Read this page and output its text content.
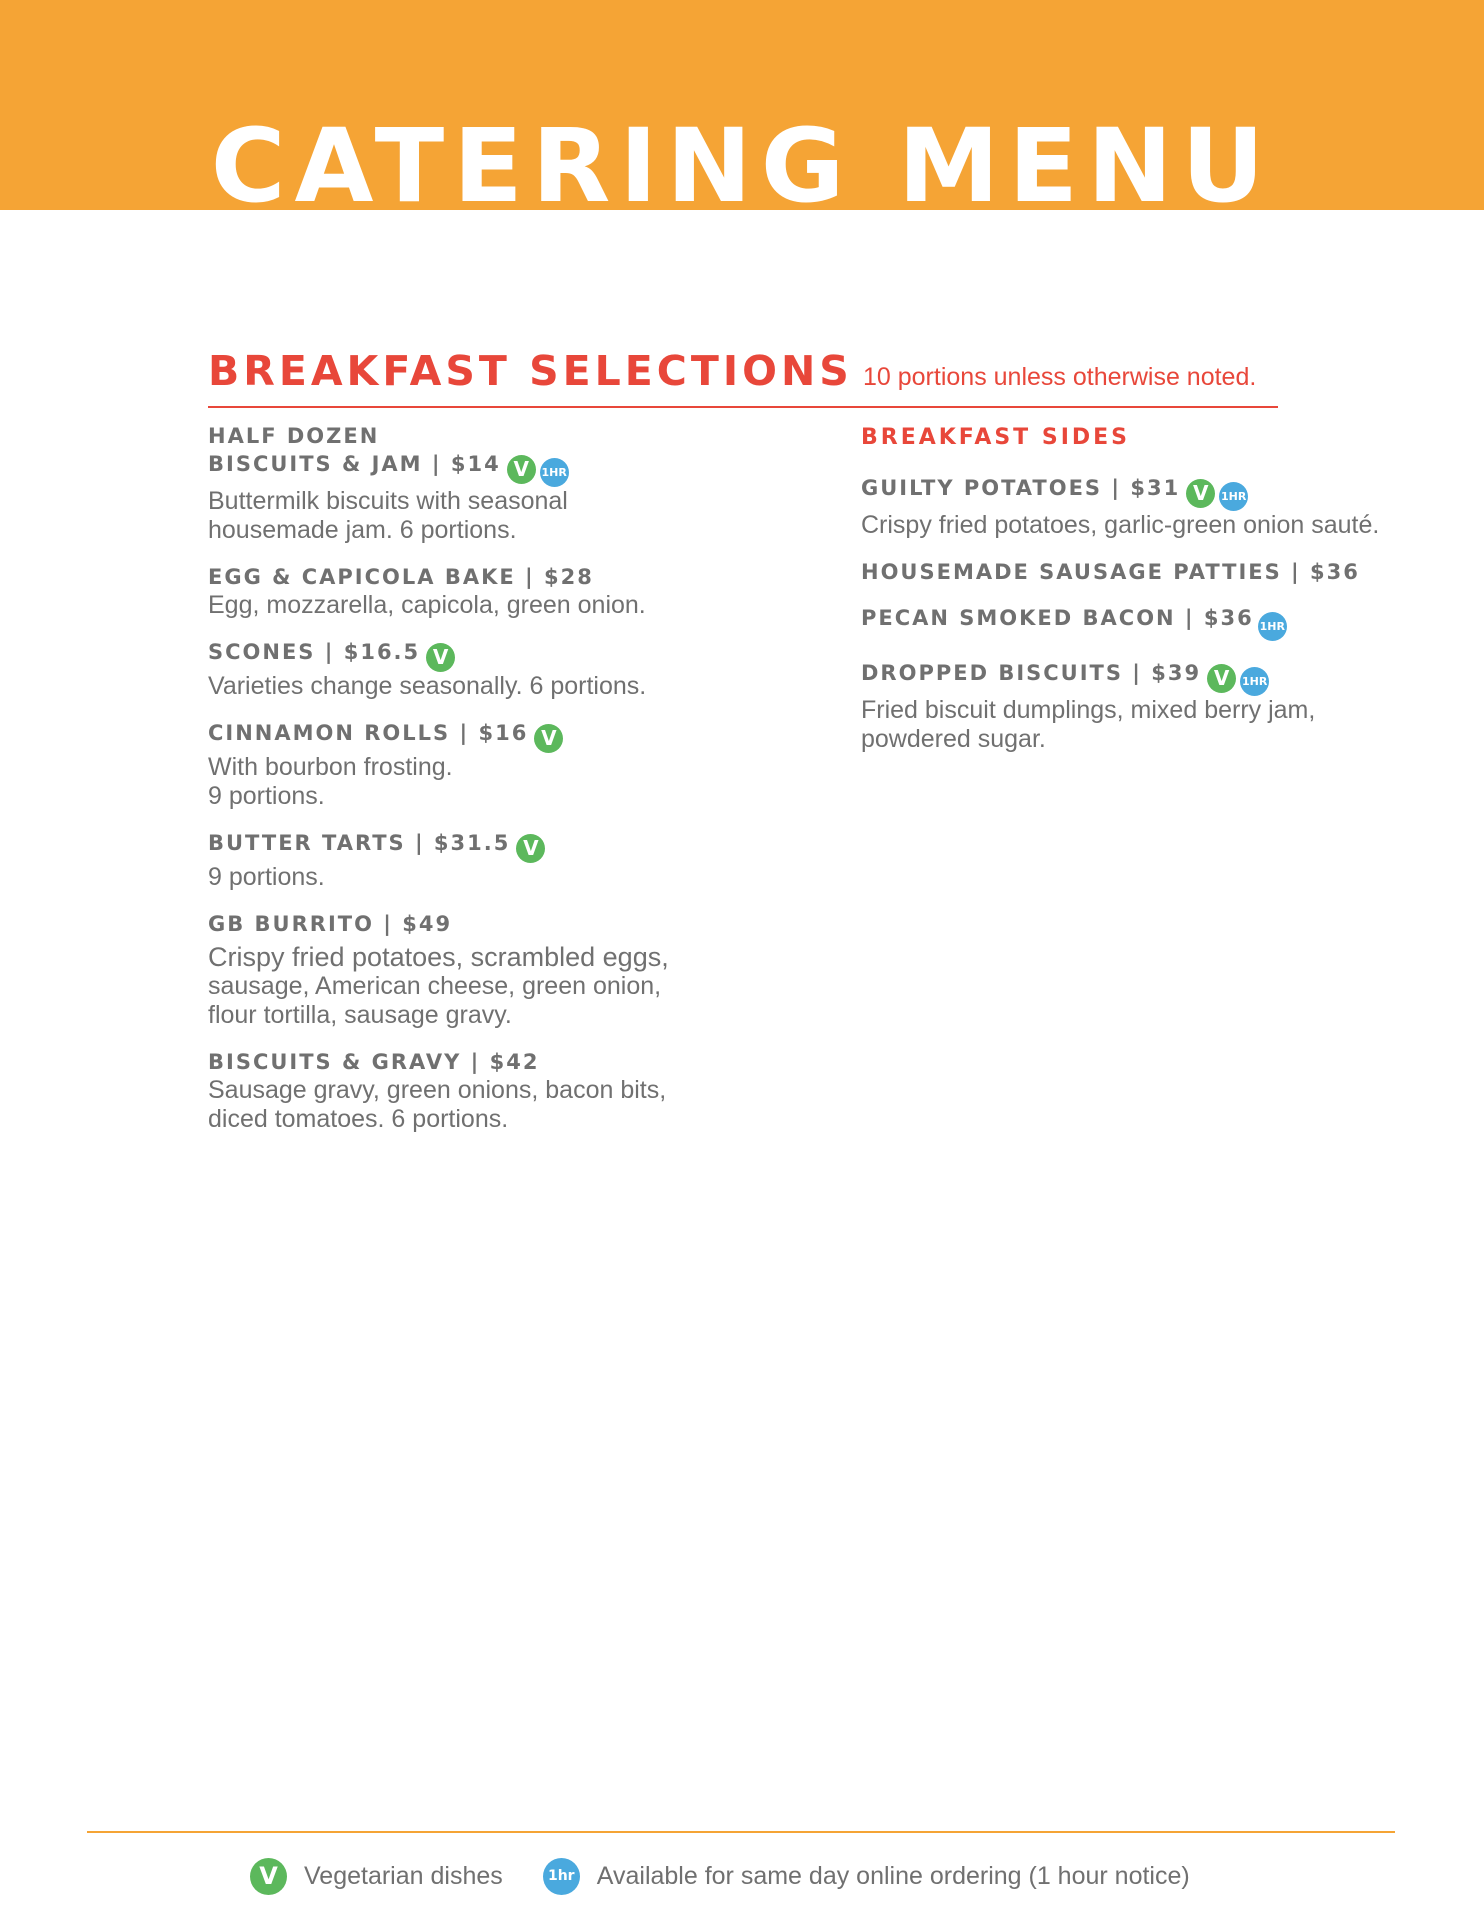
CATERING MENU
BREAKFAST SELECTIONS 10 portions unless otherwise noted.
HALF DOZEN
BISCUITS & JAM | $14 V 1HR
Buttermilk biscuits with seasonal
housemade jam. 6 portions.
EGG & CAPICOLA BAKE | $28
Egg, mozzarella, capicola, green onion.
SCONES | $16.5 V
Varieties change seasonally. 6 portions.
CINNAMON ROLLS | $16 V
With bourbon frosting.
9 portions.
BUTTER TARTS | $31.5 V
9 portions.
GB BURRITO | $49
Crispy fried potatoes, scrambled eggs,
sausage, American cheese, green onion,
flour tortilla, sausage gravy.
BISCUITS & GRAVY | $42
Sausage gravy, green onions, bacon bits,
diced tomatoes. 6 portions.
BREAKFAST SIDES
GUILTY POTATOES | $31 V 1HR
Crispy fried potatoes, garlic-green onion sauté.
HOUSEMADE SAUSAGE PATTIES | $36
PECAN SMOKED BACON | $36 1HR
DROPPED BISCUITS | $39 V 1HR
Fried biscuit dumplings, mixed berry jam,
powdered sugar.
V	Vegetarian dishes	1hr Available for same day online ordering (1 hour notice)
